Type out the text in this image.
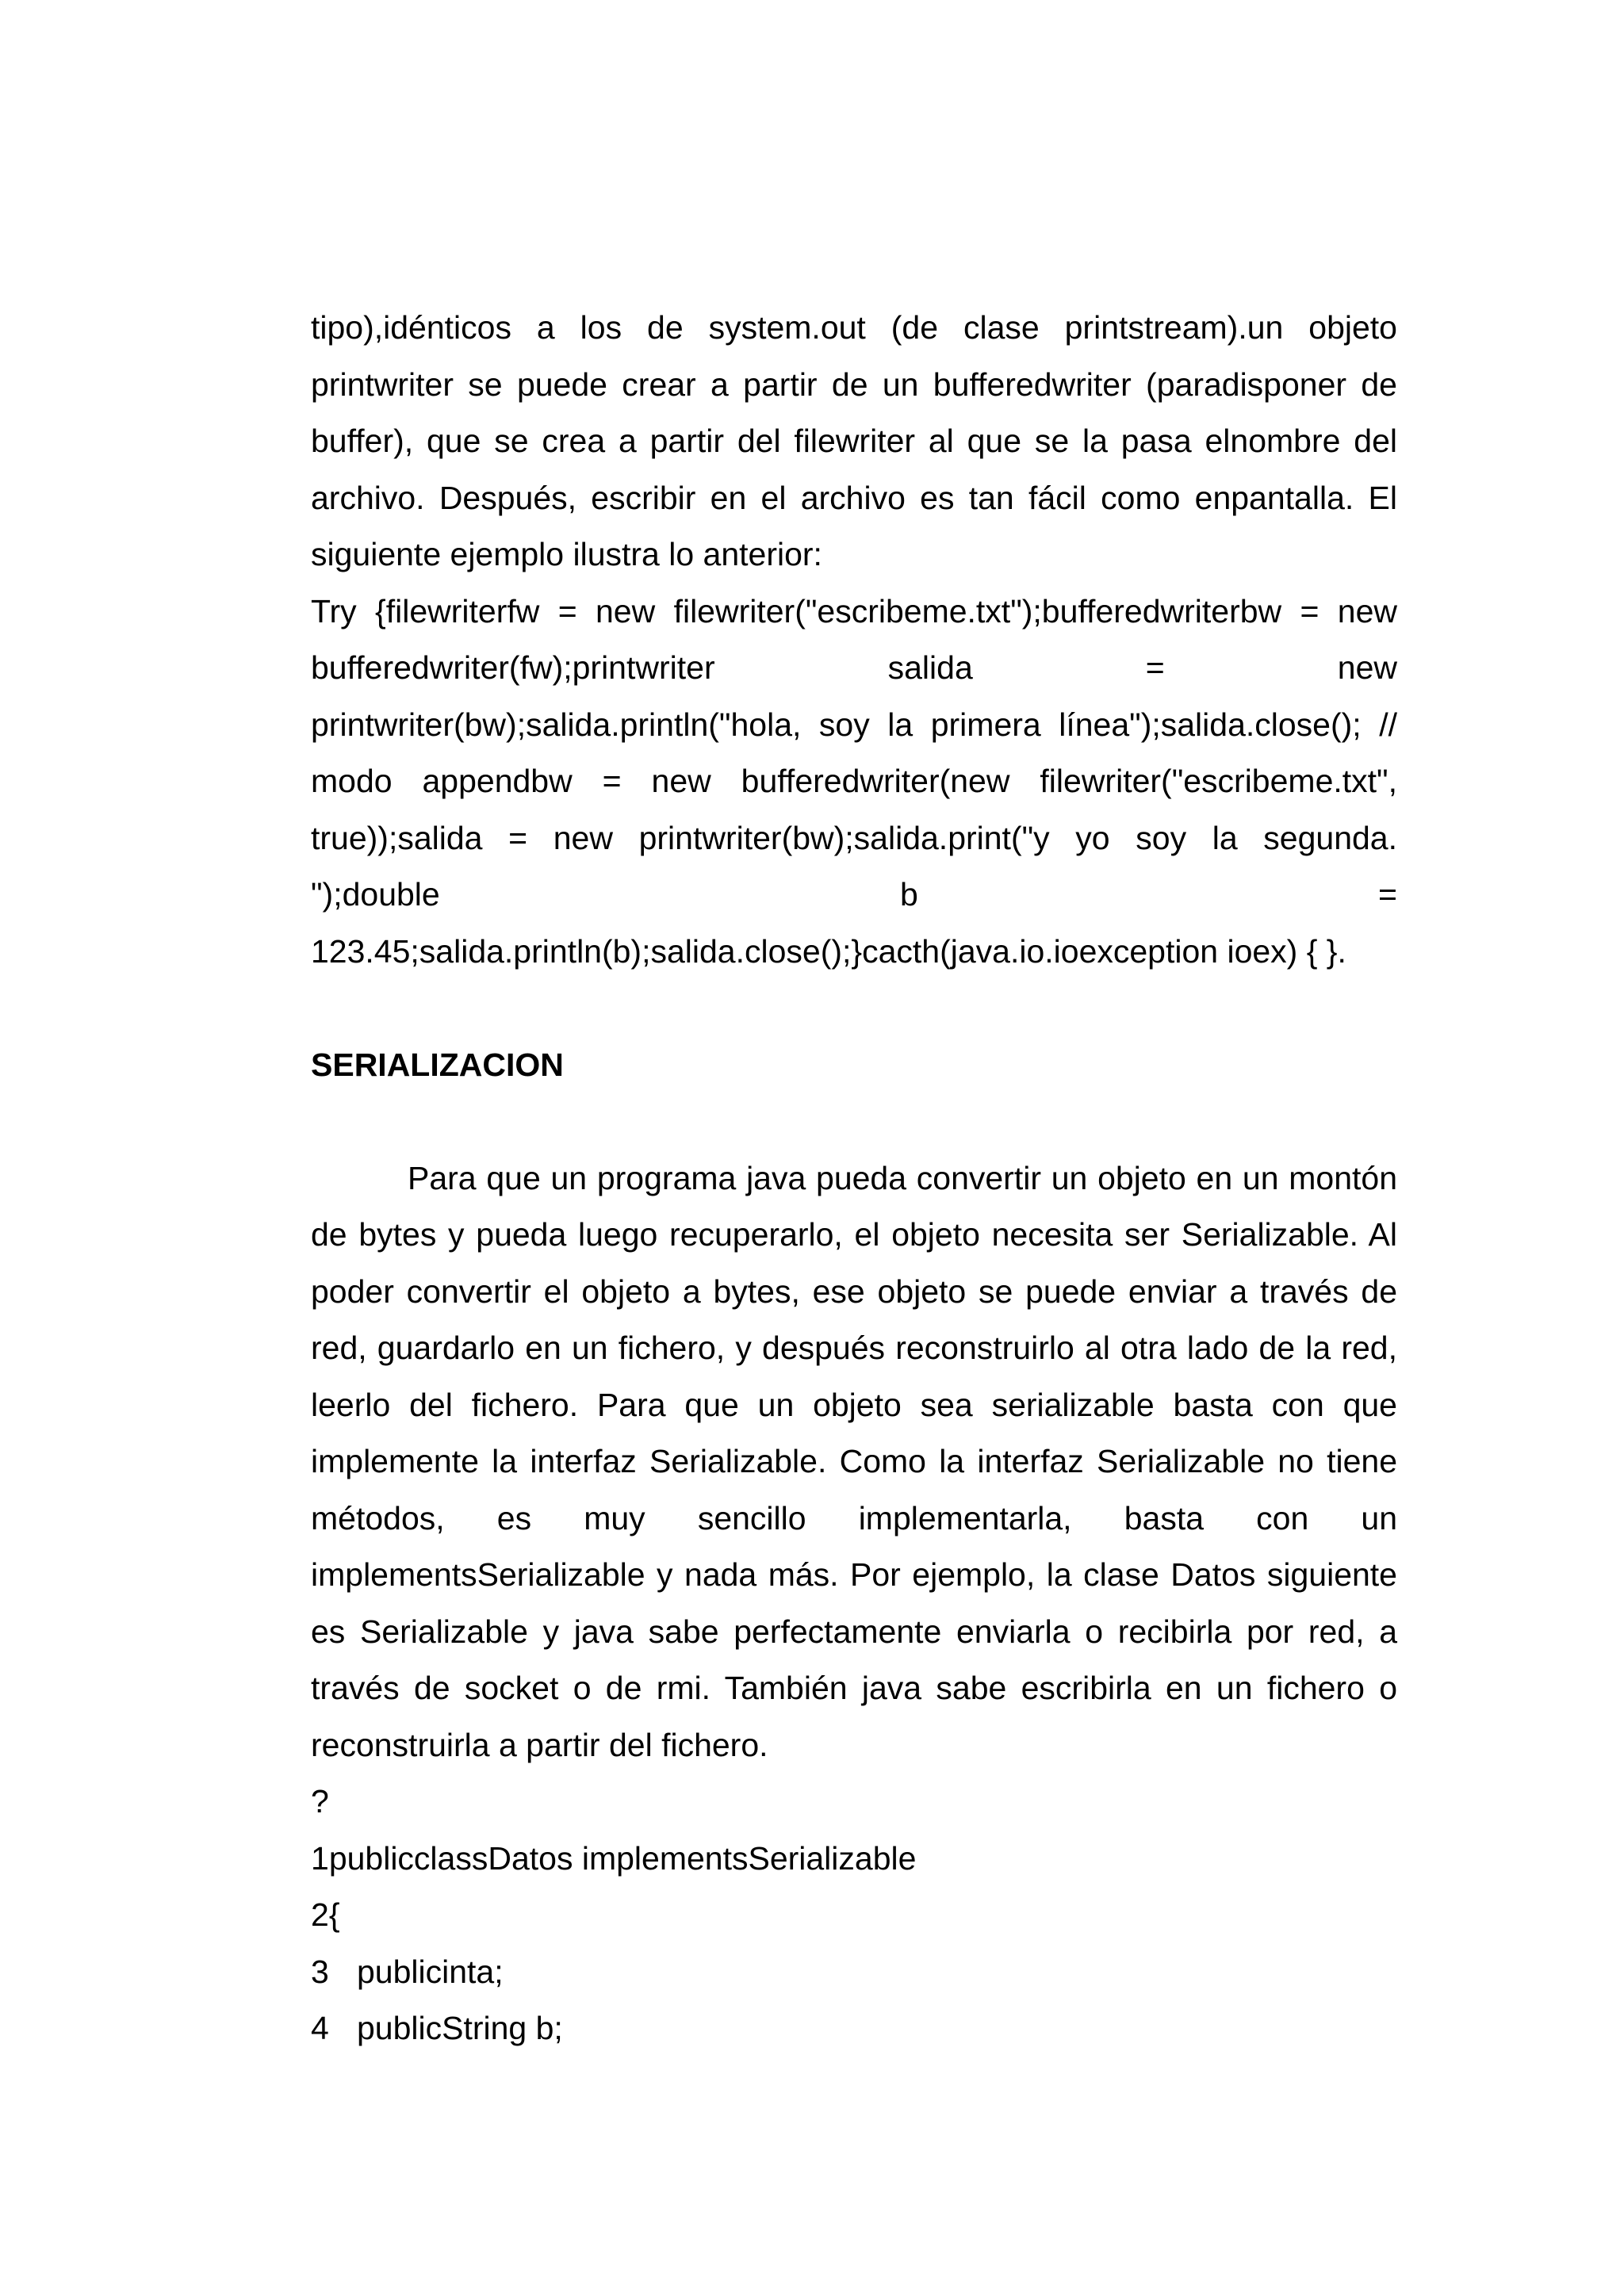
tipo),idénticos a los de system.out (de clase printstream).un objeto
printwriter se puede crear a partir de un bufferedwriter (paradisponer de
buffer), que se crea a partir del filewriter al que se la pasa elnombre del
archivo. Después, escribir en el archivo es tan fácil como enpantalla. El
siguiente ejemplo ilustra lo anterior:
Try {filewriterfw = new filewriter("escribeme.txt");bufferedwriterbw = new
bufferedwriter(fw);printwriter salida = new
printwriter(bw);salida.println("hola, soy la primera línea");salida.close(); //
modo appendbw = new bufferedwriter(new filewriter("escribeme.txt",
true));salida = new printwriter(bw);salida.print("y yo soy la segunda.
");double b =
123.45;salida.println(b);salida.close();}cacth(java.io.ioexception ioex) { }.
SERIALIZACION
Para que un programa java pueda convertir un objeto en un montón
de bytes y pueda luego recuperarlo, el objeto necesita ser Serializable. Al
poder convertir el objeto a bytes, ese objeto se puede enviar a través de
red, guardarlo en un fichero, y después reconstruirlo al otra lado de la red,
leerlo del fichero. Para que un objeto sea serializable basta con que
implemente la interfaz Serializable. Como la interfaz Serializable no tiene
métodos, es muy sencillo implementarla, basta con un
implementsSerializable y nada más. Por ejemplo, la clase Datos siguiente
es Serializable y java sabe perfectamente enviarla o recibirla por red, a
través de socket o de rmi. También java sabe escribirla en un fichero o
reconstruirla a partir del fichero.
?
1publicclassDatos implementsSerializable
2{
3 publicinta;
4 publicString b;
